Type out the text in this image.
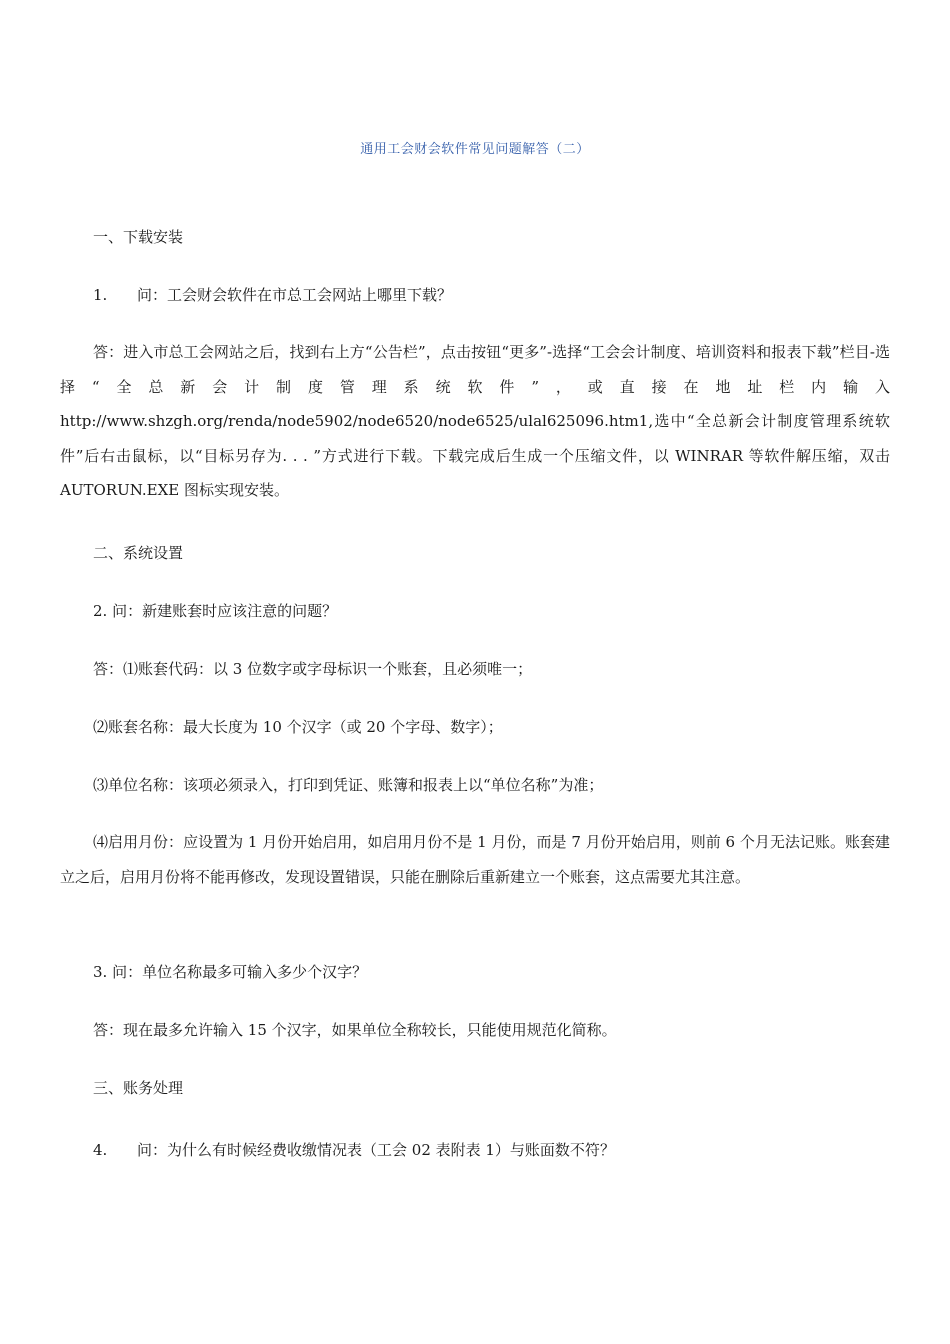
通用工会财会软件常见问题解答（二）
一、下载安装
1. 问：工会财会软件在市总工会网站上哪里下载？
答：进入市总工会网站之后，找到右上方“公告栏”，点击按钮“更多”-选择“工会会计制度、培训资料和报表下载”栏目-选择“全总新会计制度管理系统软件”，或直接在地址栏内输入 http://www.shzgh.org/renda/node5902/node6520/node6525/ulal625096.htm1,选中“全总新会计制度管理系统软件”后右击鼠标，以“目标另存为. . . ”方式进行下载。下载完成后生成一个压缩文件，以 WINRAR 等软件解压缩，双击 AUTORUN.EXE 图标实现安装。
二、系统设置
2. 问：新建账套时应该注意的问题？
答：⑴账套代码：以 3 位数字或字母标识一个账套，且必须唯一；
⑵账套名称：最大长度为 10 个汉字（或 20 个字母、数字）；
⑶单位名称：该项必须录入，打印到凭证、账簿和报表上以“单位名称”为准；
⑷启用月份：应设置为 1 月份开始启用，如启用月份不是 1 月份，而是 7 月份开始启用，则前 6 个月无法记账。账套建立之后，启用月份将不能再修改，发现设置错误，只能在删除后重新建立一个账套，这点需要尤其注意。
3. 问：单位名称最多可输入多少个汉字？
答：现在最多允许输入 15 个汉字，如果单位全称较长，只能使用规范化简称。
三、账务处理
4. 问：为什么有时候经费收缴情况表（工会 02 表附表 1）与账面数不符？
